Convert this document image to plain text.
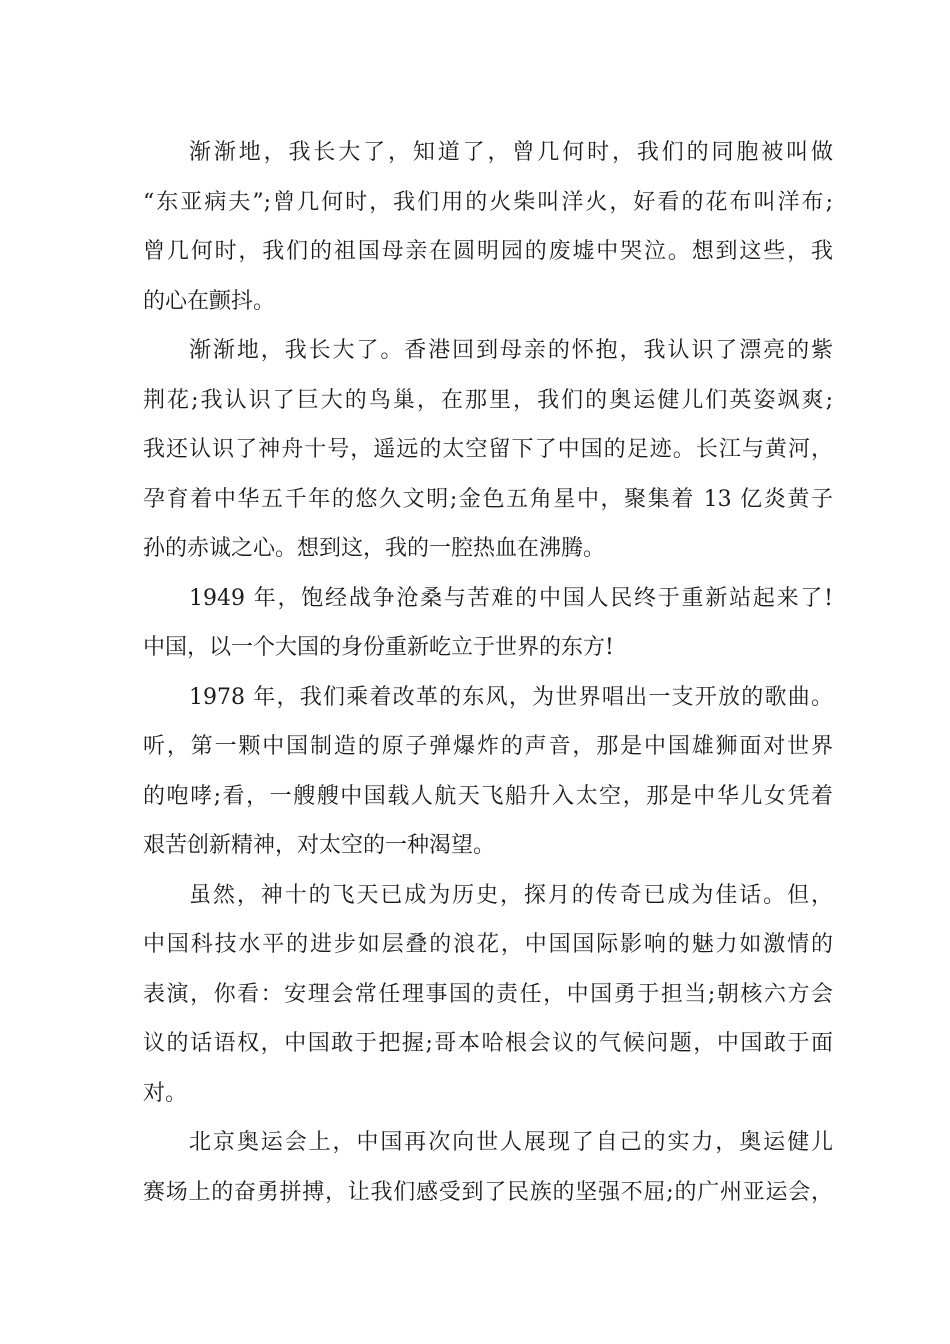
渐渐地，我长大了，知道了，曾几何时，我们的同胞被叫做
“东亚病夫”;曾几何时，我们用的火柴叫洋火，好看的花布叫洋布;
曾几何时，我们的祖国母亲在圆明园的废墟中哭泣。想到这些，我
的心在颤抖。
渐渐地，我长大了。香港回到母亲的怀抱，我认识了漂亮的紫
荆花;我认识了巨大的鸟巢，在那里，我们的奥运健儿们英姿飒爽;
我还认识了神舟十号，遥远的太空留下了中国的足迹。长江与黄河，
孕育着中华五千年的悠久文明;金色五角星中，聚集着 13 亿炎黄子
孙的赤诚之心。想到这，我的一腔热血在沸腾。
1949 年，饱经战争沧桑与苦难的中国人民终于重新站起来了!
中国，以一个大国的身份重新屹立于世界的东方!
1978 年，我们乘着改革的东风，为世界唱出一支开放的歌曲。
听，第一颗中国制造的原子弹爆炸的声音，那是中国雄狮面对世界
的咆哮;看，一艘艘中国载人航天飞船升入太空，那是中华儿女凭着
艰苦创新精神，对太空的一种渴望。
虽然，神十的飞天已成为历史，探月的传奇已成为佳话。但，
中国科技水平的进步如层叠的浪花，中国国际影响的魅力如激情的
表演，你看：安理会常任理事国的责任，中国勇于担当;朝核六方会
议的话语权，中国敢于把握;哥本哈根会议的气候问题，中国敢于面
对。
北京奥运会上，中国再次向世人展现了自己的实力，奥运健儿
赛场上的奋勇拼搏，让我们感受到了民族的坚强不屈;的广州亚运会，
